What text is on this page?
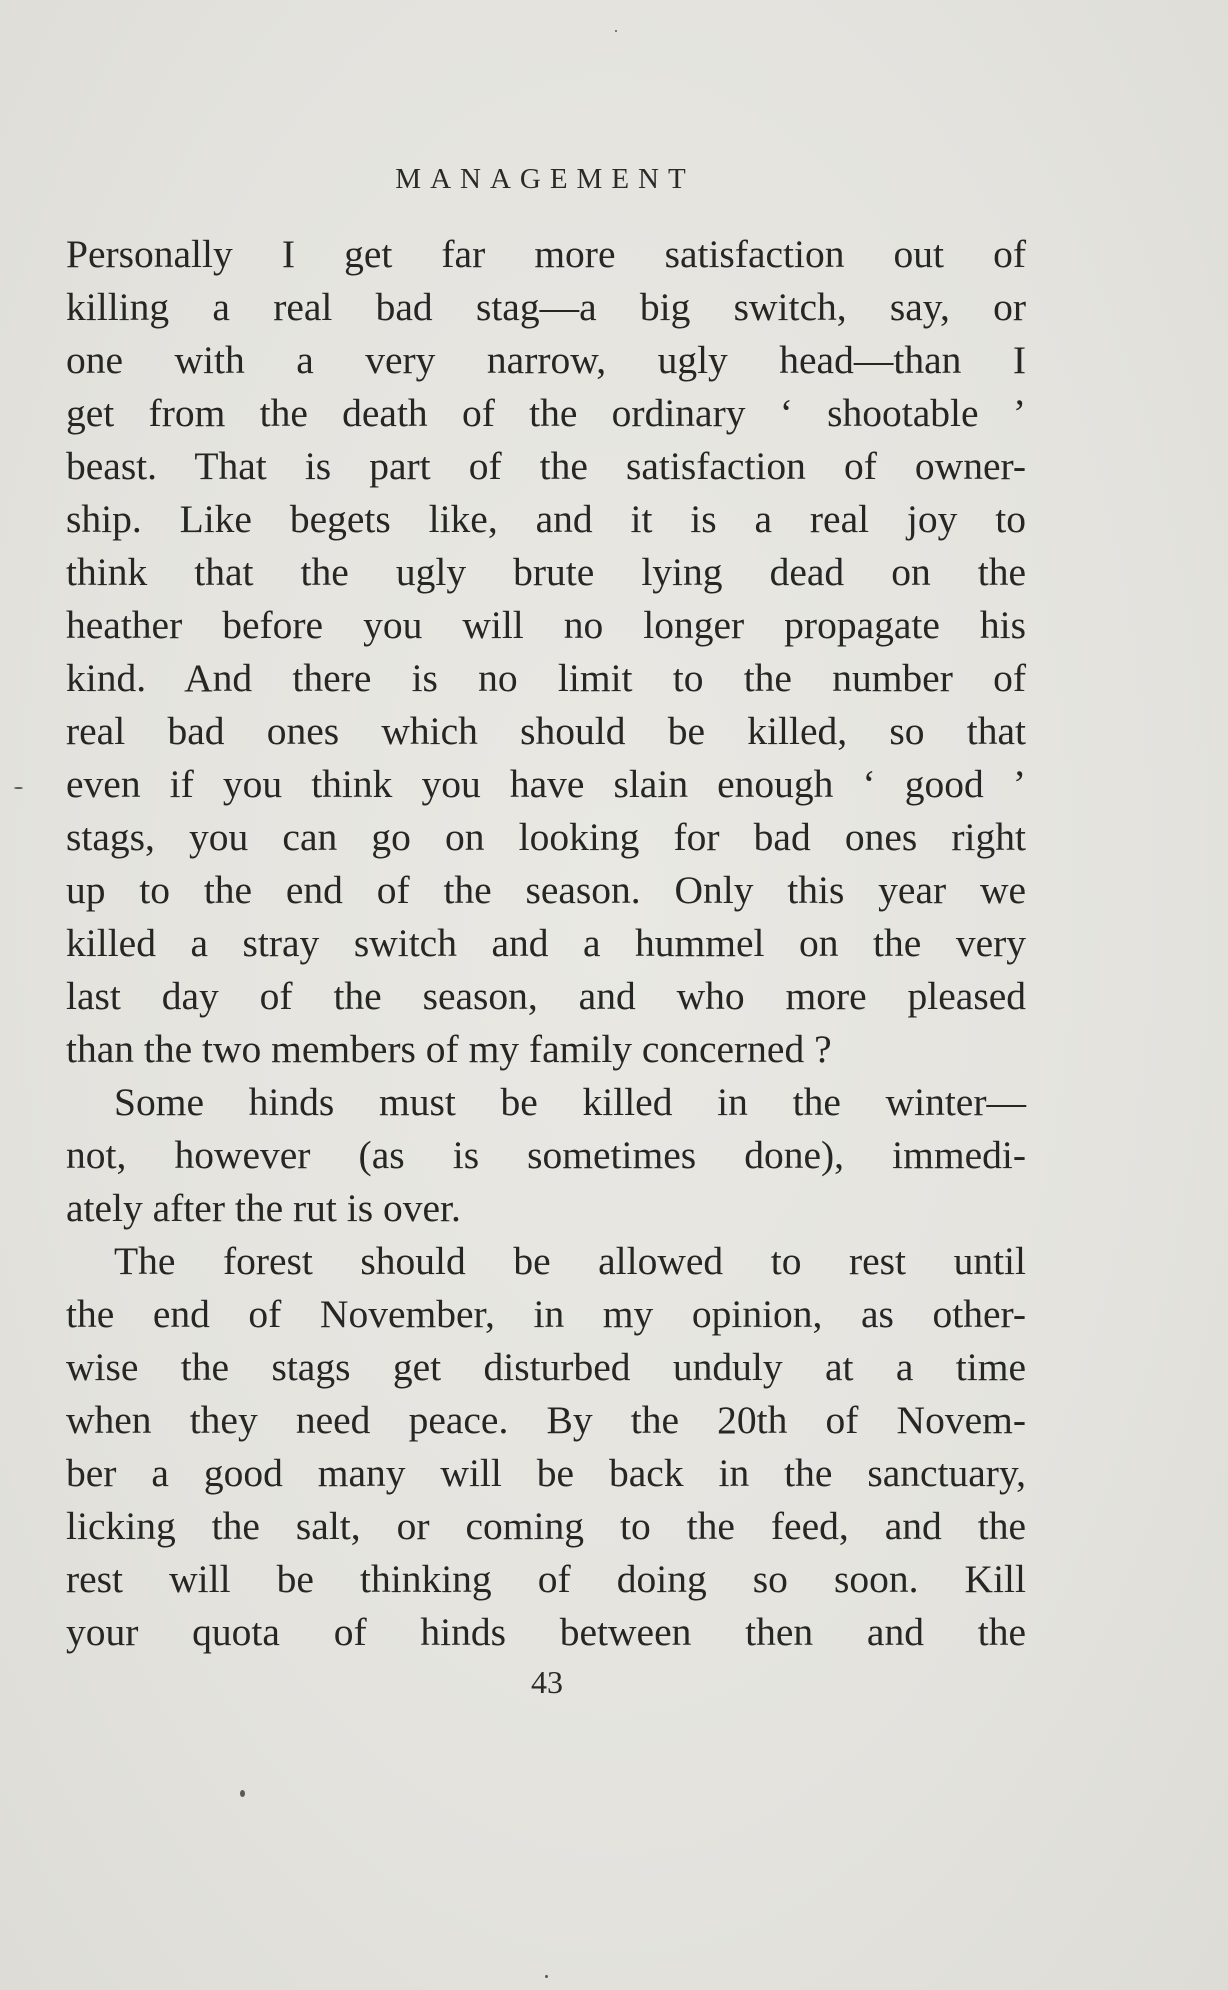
MANAGEMENT
Personally I get far more satisfaction out of
killing a real bad stag—a big switch, say, or
one with a very narrow, ugly head—than I
get from the death of the ordinary ‘ shootable ’
beast. That is part of the satisfaction of owner-
ship. Like begets like, and it is a real joy to
think that the ugly brute lying dead on the
heather before you will no longer propagate his
kind. And there is no limit to the number of
real bad ones which should be killed, so that
even if you think you have slain enough ‘ good ’
stags, you can go on looking for bad ones right
up to the end of the season. Only this year we
killed a stray switch and a hummel on the very
last day of the season, and who more pleased
than the two members of my family concerned ?
Some hinds must be killed in the winter—
not, however (as is sometimes done), immedi-
ately after the rut is over.
The forest should be allowed to rest until
the end of November, in my opinion, as other-
wise the stags get disturbed unduly at a time
when they need peace. By the 20th of Novem-
ber a good many will be back in the sanctuary,
licking the salt, or coming to the feed, and the
rest will be thinking of doing so soon. Kill
your quota of hinds between then and the
43
